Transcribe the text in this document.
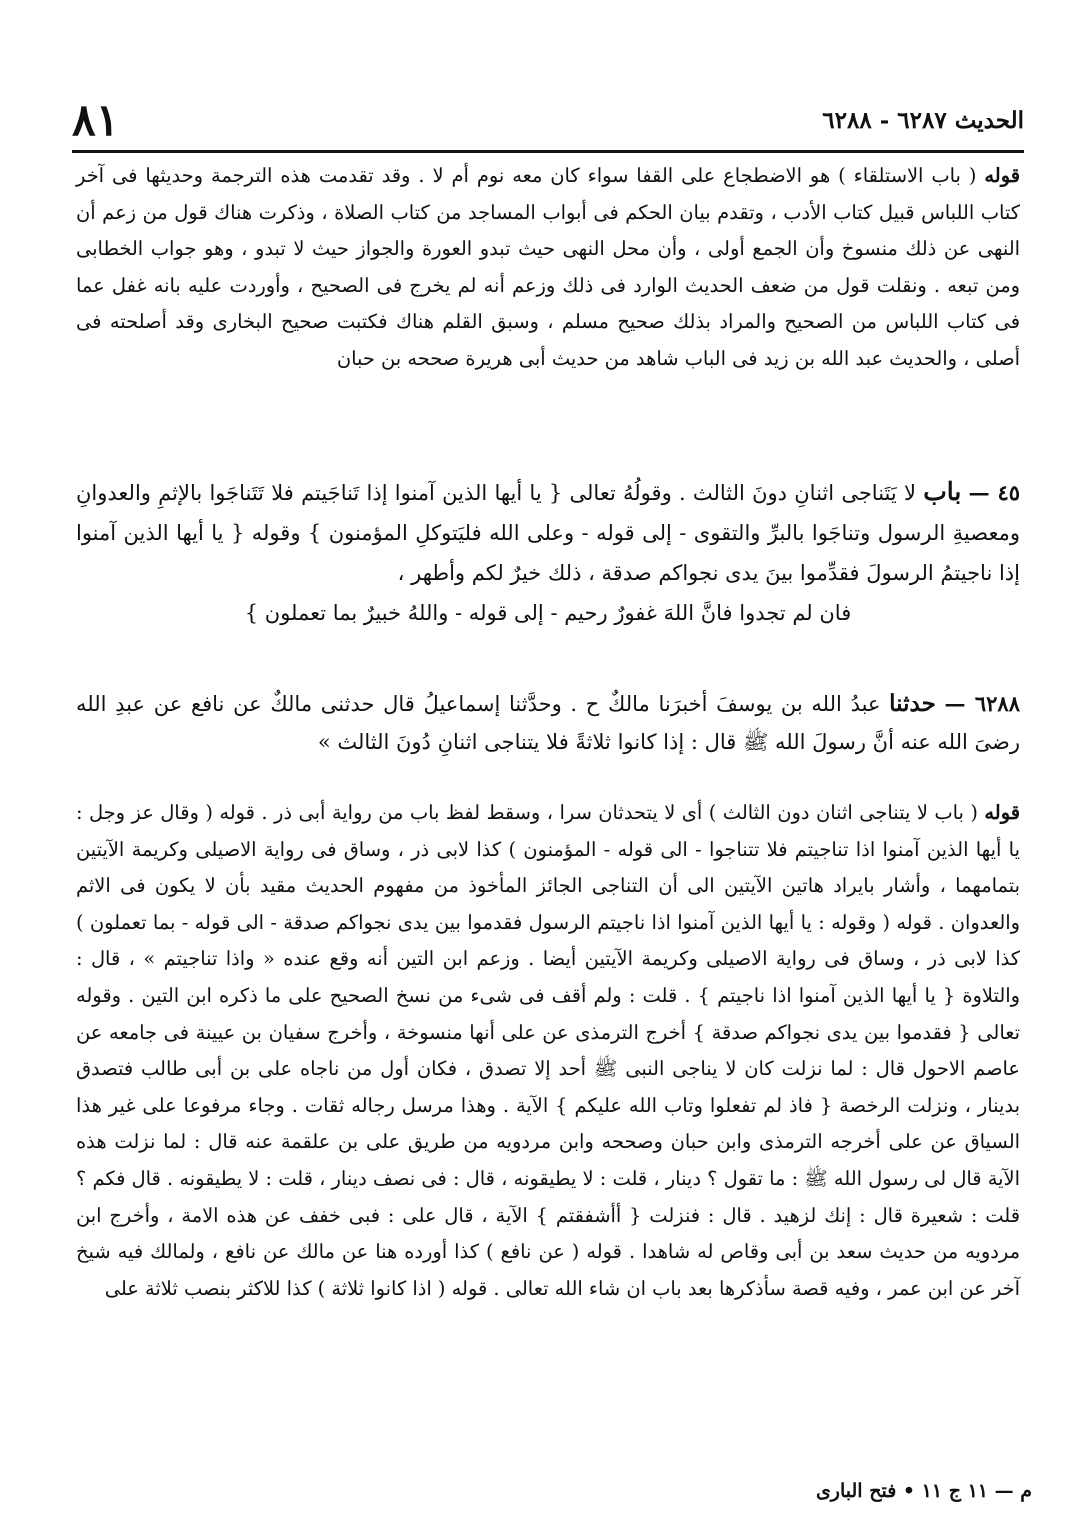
الحديث ٦٢٨٧ - ٦٢٨٨
٨١

قوله ( باب الاستلقاء ) هو الاضطجاع على القفا سواء كان معه نوم أم لا . وقد تقدمت هذه الترجمة وحديثها فى آخر كتاب اللباس قبيل كتاب الأدب ، وتقدم بيان الحكم فى أبواب المساجد من كتاب الصلاة ، وذكرت هناك قول من زعم أن النهى عن ذلك منسوخ وأن الجمع أولى ، وأن محل النهى حيث تبدو العورة والجواز حيث لا تبدو ، وهو جواب الخطابى ومن تبعه . ونقلت قول من ضعف الحديث الوارد فى ذلك وزعم أنه لم يخرج فى الصحيح ، وأوردت عليه بانه غفل عما فى كتاب اللباس من الصحيح والمراد بذلك صحيح مسلم ، وسبق القلم هناك فكتبت صحيح البخارى وقد أصلحته فى أصلى ، والحديث عبد الله بن زيد فى الباب شاهد من حديث أبى هريرة صححه بن حبان

٤٥ — باب لا يَتَناجى اثنانِ دونَ الثالث . وقولُهُ تعالى { يا أيها الذين آمنوا إذا تَناجَيتم فلا تَتَناجَوا بالإثمِ والعدوانِ ومعصيةِ الرسول وتناجَوا بالبرِّ والتقوى - إلى قوله - وعلى الله فليَتوكلِ المؤمنون } وقوله { يا أيها الذين آمنوا إذا ناجيتمُ الرسولَ فقدِّموا بينَ يدى نجواكم صدقة ، ذلك خيرٌ لكم وأطهر ،

فان لم تجدوا فانَّ اللهَ غفورٌ رحيم - إلى قوله - واللهُ خبيرٌ بما تعملون }

٦٢٨٨ — حدثنا عبدُ الله بن يوسفَ أخبرَنا مالكٌ ح . وحدَّثنا إسماعيلُ قال حدثنى مالكٌ عن نافع عن عبدِ الله رضىَ الله عنه أنَّ رسولَ الله ﷺ قال : إذا كانوا ثلاثةً فلا يتناجى اثنانِ دُونَ الثالث »

قوله ( باب لا يتناجى اثنان دون الثالث ) أى لا يتحدثان سرا ، وسقط لفظ باب من رواية أبى ذر . قوله ( وقال عز وجل : يا أيها الذين آمنوا اذا تناجيتم فلا تتناجوا - الى قوله - المؤمنون ) كذا لابى ذر ، وساق فى رواية الاصيلى وكريمة الآيتين بتمامهما ، وأشار بايراد هاتين الآيتين الى أن التناجى الجائز المأخوذ من مفهوم الحديث مقيد بأن لا يكون فى الاثم والعدوان . قوله ( وقوله : يا أيها الذين آمنوا اذا ناجيتم الرسول فقدموا بين يدى نجواكم صدقة - الى قوله - بما تعملون ) كذا لابى ذر ، وساق فى رواية الاصيلى وكريمة الآيتين أيضا . وزعم ابن التين أنه وقع عنده « واذا تناجيتم » ، قال : والتلاوة { يا أيها الذين آمنوا اذا ناجيتم } . قلت : ولم أقف فى شىء من نسخ الصحيح على ما ذكره ابن التين . وقوله تعالى { فقدموا بين يدى نجواكم صدقة } أخرج الترمذى عن على أنها منسوخة ، وأخرج سفيان بن عيينة فى جامعه عن عاصم الاحول قال : لما نزلت كان لا يناجى النبى ﷺ أحد إلا تصدق ، فكان أول من ناجاه على بن أبى طالب فتصدق بدينار ، ونزلت الرخصة { فاذ لم تفعلوا وتاب الله عليكم } الآية . وهذا مرسل رجاله ثقات . وجاء مرفوعا على غير هذا السياق عن على أخرجه الترمذى وابن حبان وصححه وابن مردويه من طريق على بن علقمة عنه قال : لما نزلت هذه الآية قال لى رسول الله ﷺ : ما تقول ؟ دينار ، قلت : لا يطيقونه ، قال : فى نصف دينار ، قلت : لا يطيقونه . قال فكم ؟ قلت : شعيرة قال : إنك لزهيد . قال : فنزلت { أأشفقتم } الآية ، قال على : فبى خفف عن هذه الامة ، وأخرج ابن مردويه من حديث سعد بن أبى وقاص له شاهدا . قوله ( عن نافع ) كذا أورده هنا عن مالك عن نافع ، ولمالك فيه شيخ آخر عن ابن عمر ، وفيه قصة سأذكرها بعد باب ان شاء الله تعالى . قوله ( اذا كانوا ثلاثة ) كذا للاكثر بنصب ثلاثة على

م — ١١ ج ١١ • فتح البارى
